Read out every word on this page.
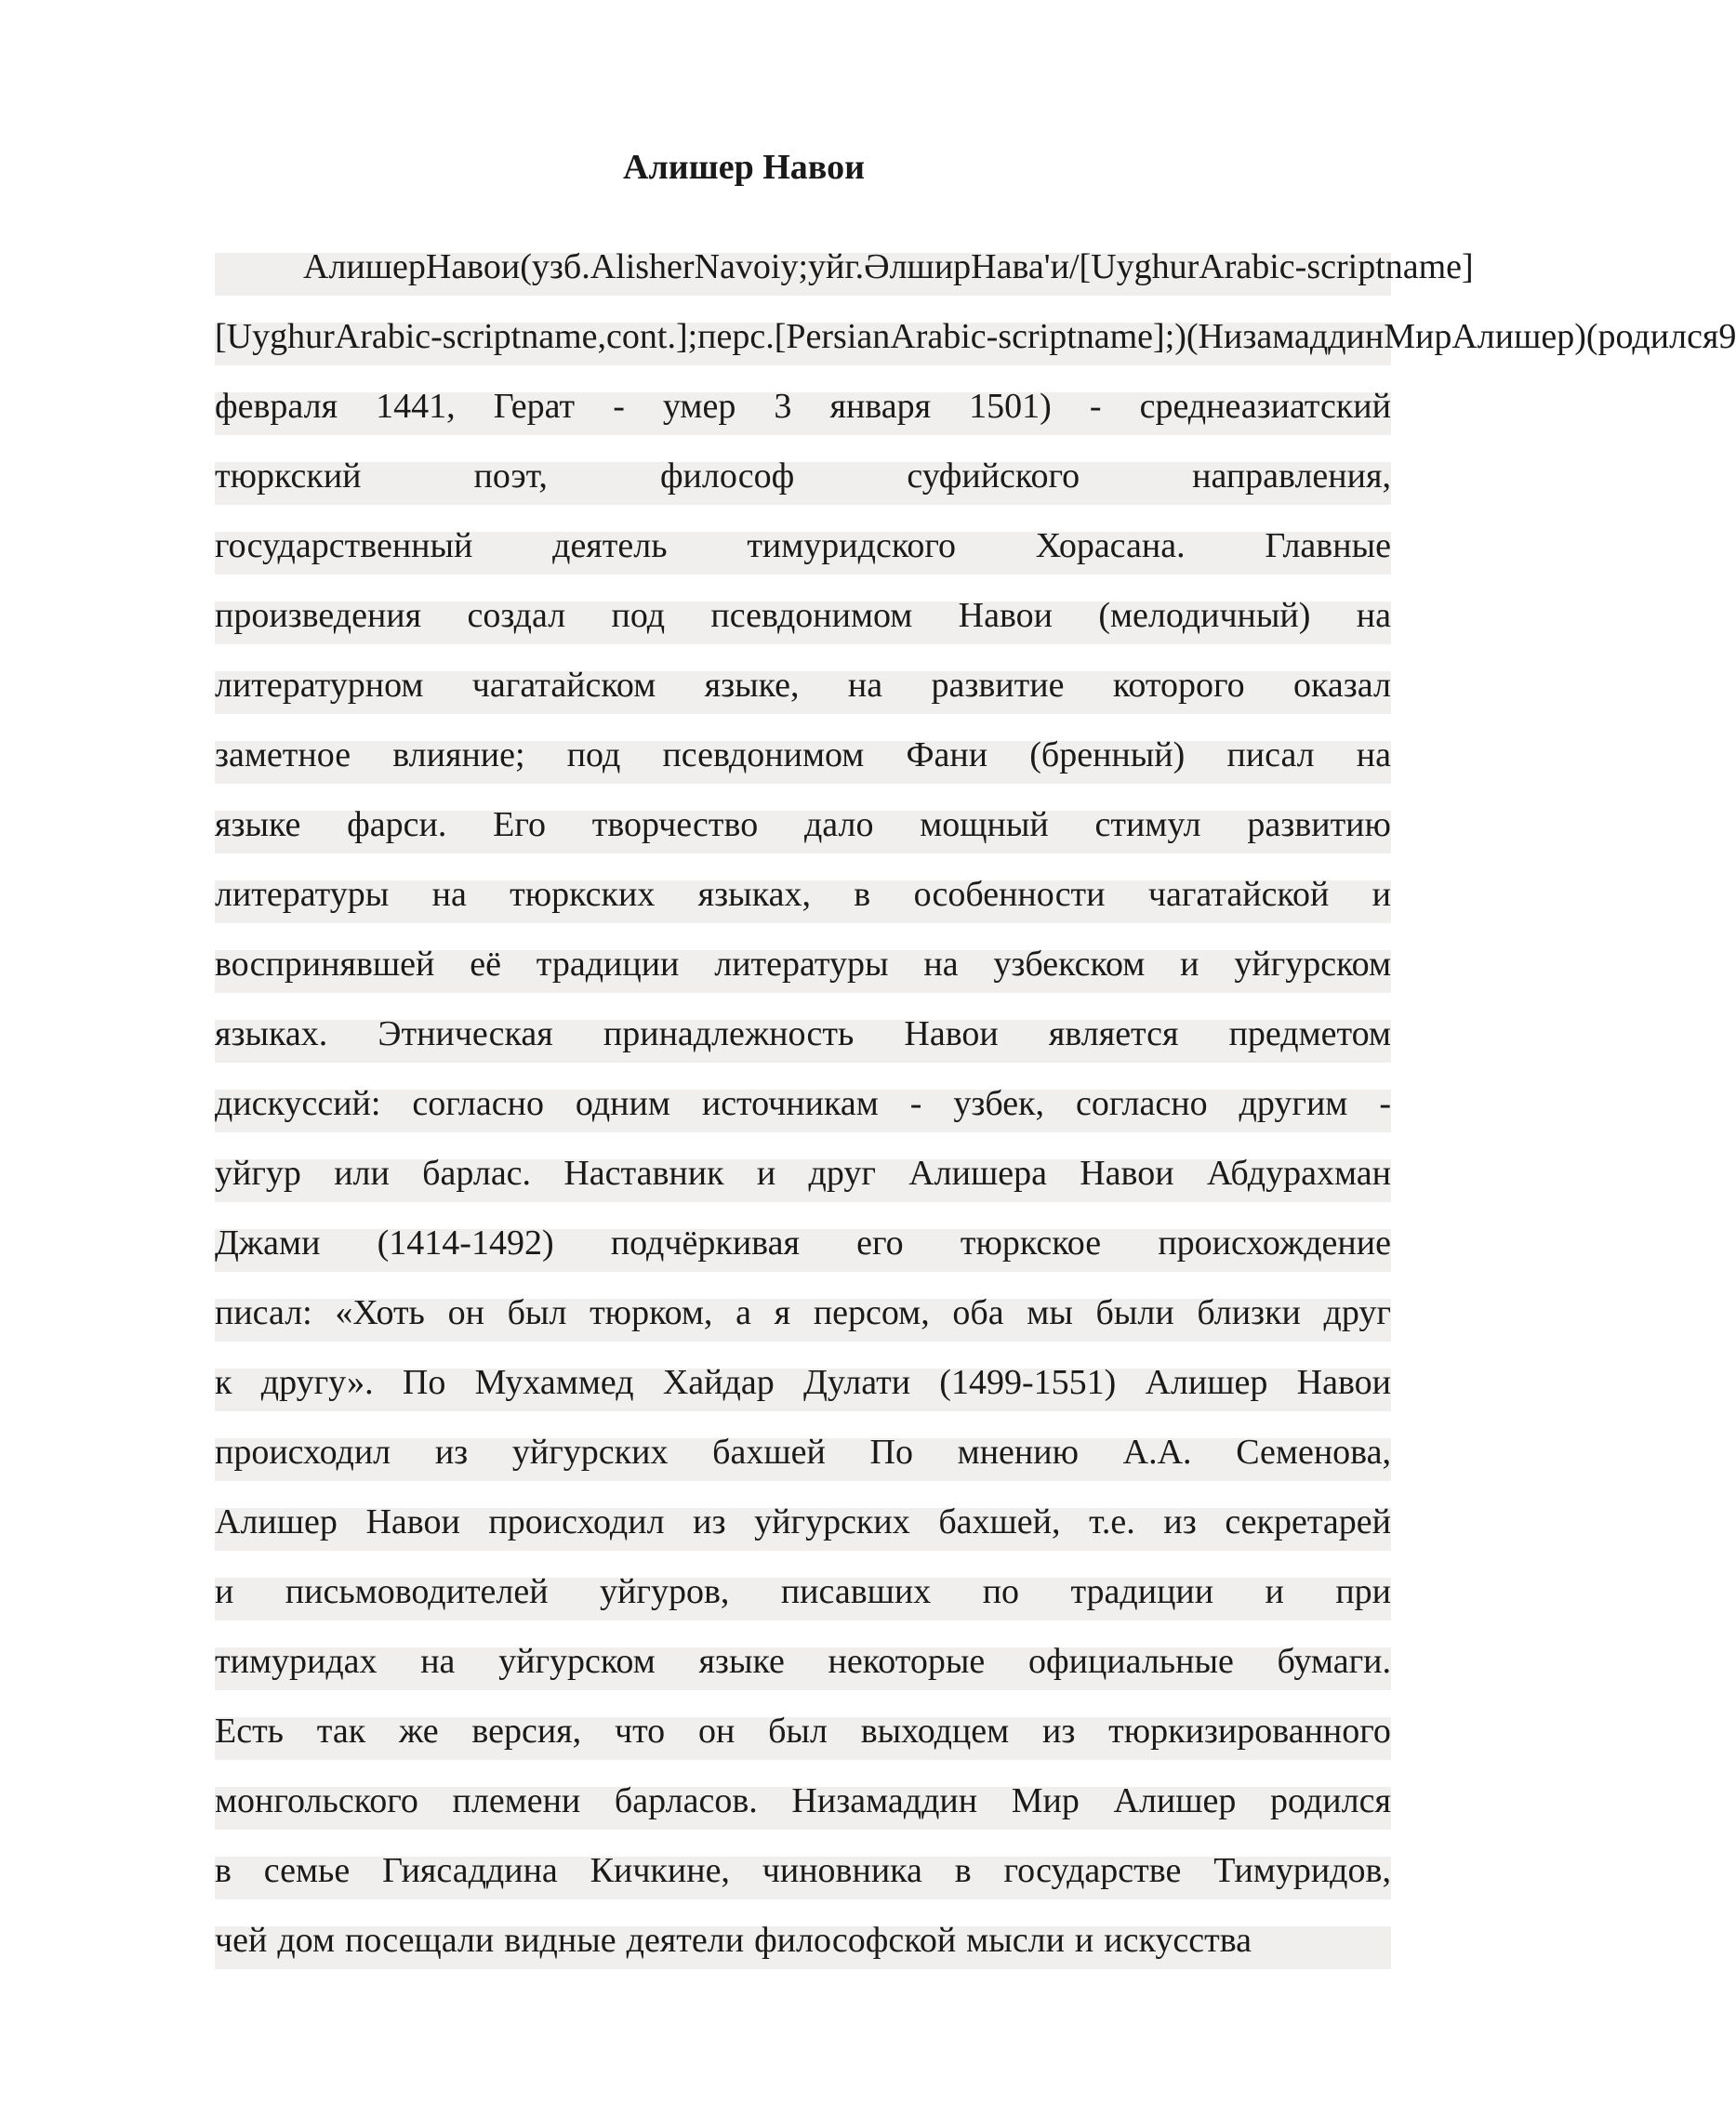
Алишер Навои
Алишер Навои (узб. Alisher Navoiy; уйг. Әлшир Нава'и/[Uyghur Arabic-script name]
[Uyghur Arabic-script name, cont.]; перс. [Persian Arabic-script name];) (Низамаддин Мир Алишер) (родился 9
февраля 1441, Герат - умер 3 января 1501) - среднеазиатский
тюркский	поэт,	философ	суфийского	направления,
государственный деятель тимуридского Хорасана. Главные
произведения создал под псевдонимом Навои (мелодичный) на
литературном чагатайском языке, на развитие которого оказал
заметное влияние; под псевдонимом Фани (бренный) писал на
языке фарси. Его творчество дало мощный стимул развитию
литературы на тюркских языках, в особенности чагатайской и
воспринявшей её традиции литературы на узбекском и уйгурском
языках. Этническая принадлежность Навои является предметом
дискуссий: согласно одним источникам - узбек, согласно другим -
уйгур или барлас. Наставник и друг Алишера Навои Абдурахман
Джами (1414-1492) подчёркивая его тюркское происхождение
писал: «Хоть он был тюрком, а я персом, оба мы были близки друг
к другу». По Мухаммед Хайдар Дулати (1499-1551) Алишер Навои
происходил из уйгурских бахшей По мнению А.А. Семенова,
Алишер Навои происходил из уйгурских бахшей, т.е. из секретарей
и письмоводителей уйгуров, писавших по традиции и при
тимуридах на уйгурском языке некоторые официальные бумаги.
Есть так же версия, что он был выходцем из тюркизированного
монгольского племени барласов. Низамаддин Мир Алишер родился
в семье Гиясаддина Кичкине, чиновника в государстве Тимуридов,
чей дом посещали видные деятели философской мысли и искусства
